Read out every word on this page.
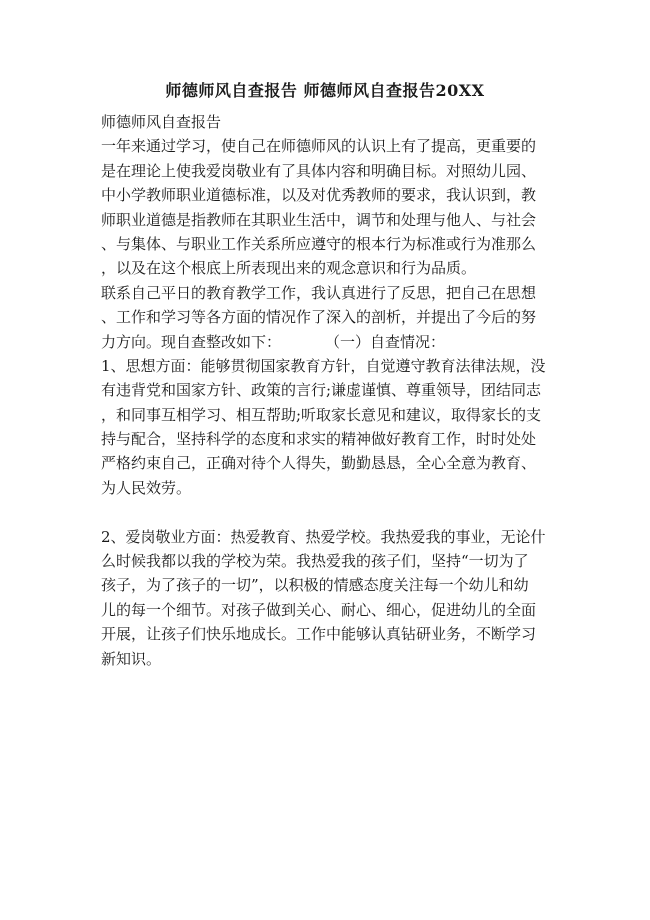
师德师风自查报告 师德师风自查报告20XX
师德师风自查报告
一年来通过学习，使自己在师德师风的认识上有了提高，更重要的
是在理论上使我爱岗敬业有了具体内容和明确目标。对照幼儿园、
中小学教师职业道德标准，以及对优秀教师的要求，我认识到，教
师职业道德是指教师在其职业生活中，调节和处理与他人、与社会
、与集体、与职业工作关系所应遵守的根本行为标准或行为准那么
，以及在这个根底上所表现出来的观念意识和行为品质。
联系自己平日的教育教学工作，我认真进行了反思，把自己在思想
、工作和学习等各方面的情况作了深入的剖析，并提出了今后的努
力方向。现自查整改如下：	（一）自查情况：
1、思想方面：能够贯彻国家教育方针，自觉遵守教育法律法规，没
有违背党和国家方针、政策的言行;谦虚谨慎、尊重领导，团结同志
，和同事互相学习、相互帮助;听取家长意见和建议，取得家长的支
持与配合，坚持科学的态度和求实的精神做好教育工作，时时处处
严格约束自己，正确对待个人得失，勤勤恳恳，全心全意为教育、
为人民效劳。
2、爱岗敬业方面：热爱教育、热爱学校。我热爱我的事业，无论什
么时候我都以我的学校为荣。我热爱我的孩子们，坚持“一切为了
孩子，为了孩子的一切”，以积极的情感态度关注每一个幼儿和幼
儿的每一个细节。对孩子做到关心、耐心、细心，促进幼儿的全面
开展，让孩子们快乐地成长。工作中能够认真钻研业务，不断学习
新知识。
